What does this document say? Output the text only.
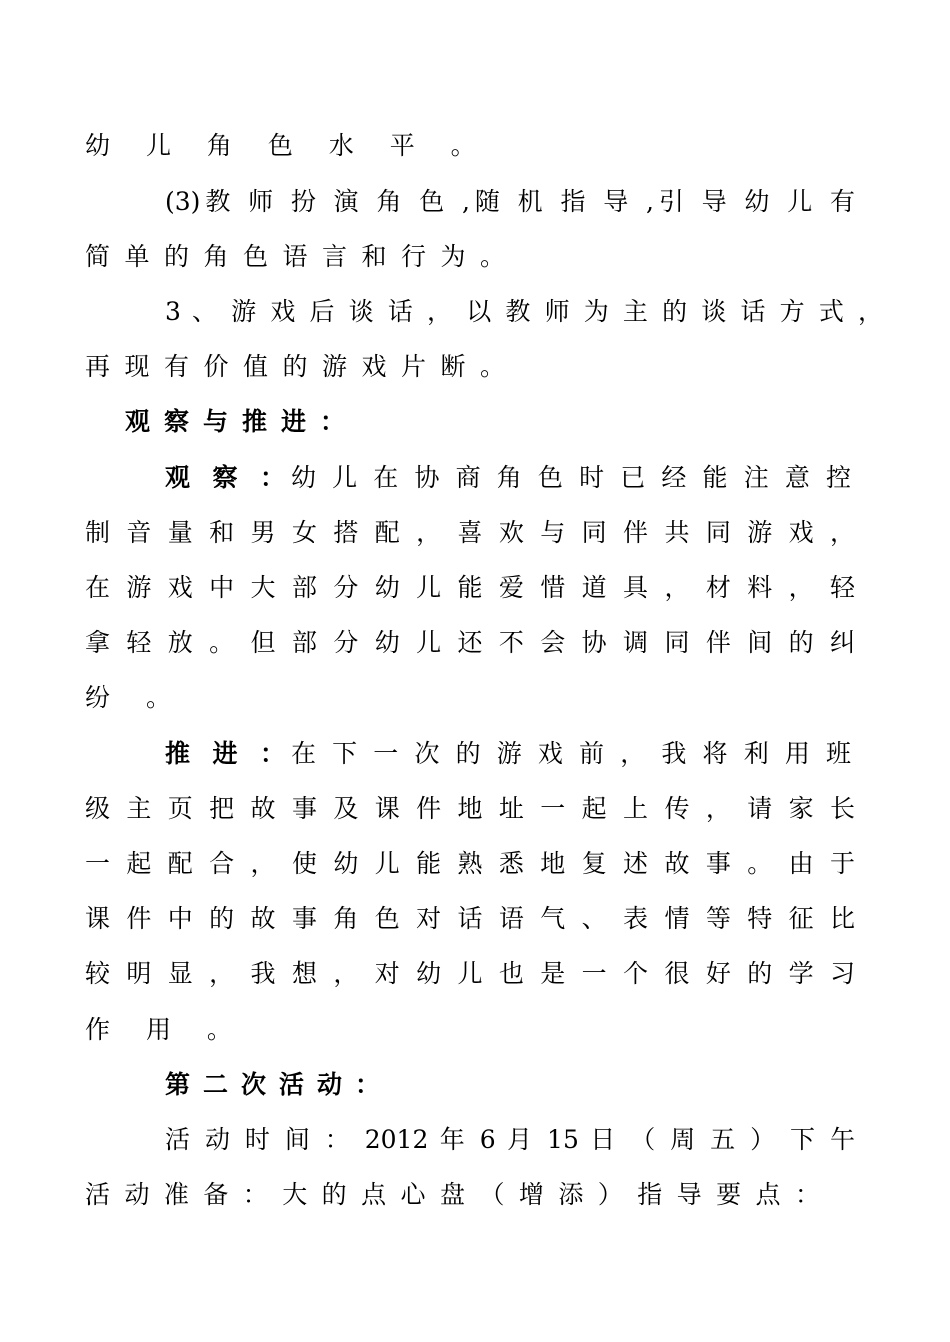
幼 儿 角 色 水 平 。
(3)教 师 扮 演 角 色 ,随 机 指 导 ,引 导 幼 儿 有
简 单 的 角 色 语 言 和 行 为 。
3 、 游 戏 后 谈 话 ， 以 教 师 为 主 的 谈 话 方 式 ，
再 现 有 价 值 的 游 戏 片 断 。
观 察 与 推 进 ：
观 察 ： 幼 儿 在 协 商 角 色 时 已 经 能 注 意 控
制 音 量 和 男 女 搭 配 ， 喜 欢 与 同 伴 共 同 游 戏 ，
在 游 戏 中 大 部 分 幼 儿 能 爱 惜 道 具 ， 材 料 ， 轻
拿 轻 放 。 但 部 分 幼 儿 还 不 会 协 调 同 伴 间 的 纠
纷 。
推 进 ： 在 下 一 次 的 游 戏 前 ， 我 将 利 用 班
级 主 页 把 故 事 及 课 件 地 址 一 起 上 传 ， 请 家 长
一 起 配 合 ， 使 幼 儿 能 熟 悉 地 复 述 故 事 。 由 于
课 件 中 的 故 事 角 色 对 话 语 气 、 表 情 等 特 征 比
较 明 显 ， 我 想 ， 对 幼 儿 也 是 一 个 很 好 的 学 习
作 用 。
第 二 次 活 动 ：
活 动 时 间 ： 2012 年 6 月 15 日 （ 周 五 ） 下 午
活 动 准 备 ： 大 的 点 心 盘 （ 增 添 ） 指 导 要 点 ：
